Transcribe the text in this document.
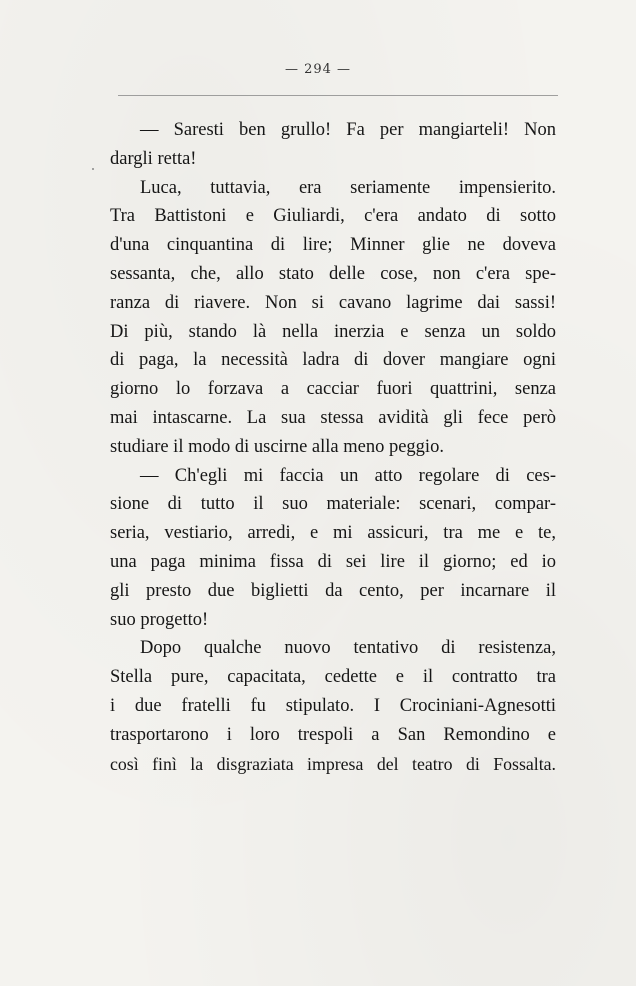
— 294 —

— Saresti ben grullo! Fa per mangiarteli! Non
dargli retta!

Luca, tuttavia, era seriamente impensierito.
Tra Battistoni e Giuliardi, c'era andato di sotto
d'una cinquantina di lire; Minner glie ne doveva
sessanta, che, allo stato delle cose, non c'era spe-
ranza di riavere. Non si cavano lagrime dai sassi!
Di più, stando là nella inerzia e senza un soldo
di paga, la necessità ladra di dover mangiare ogni
giorno lo forzava a cacciar fuori quattrini, senza
mai intascarne. La sua stessa avidità gli fece però
studiare il modo di uscirne alla meno peggio.

— Ch'egli mi faccia un atto regolare di ces-
sione di tutto il suo materiale: scenari, compar-
seria, vestiario, arredi, e mi assicuri, tra me e te,
una paga minima fissa di sei lire il giorno; ed io
gli presto due biglietti da cento, per incarnare il
suo progetto!

Dopo qualche nuovo tentativo di resistenza,
Stella pure, capacitata, cedette e il contratto tra
i due fratelli fu stipulato. I Crociniani-Agnesotti
trasportarono i loro trespoli a San Remondino e
così finì la disgraziata impresa del teatro di Fossalta.
